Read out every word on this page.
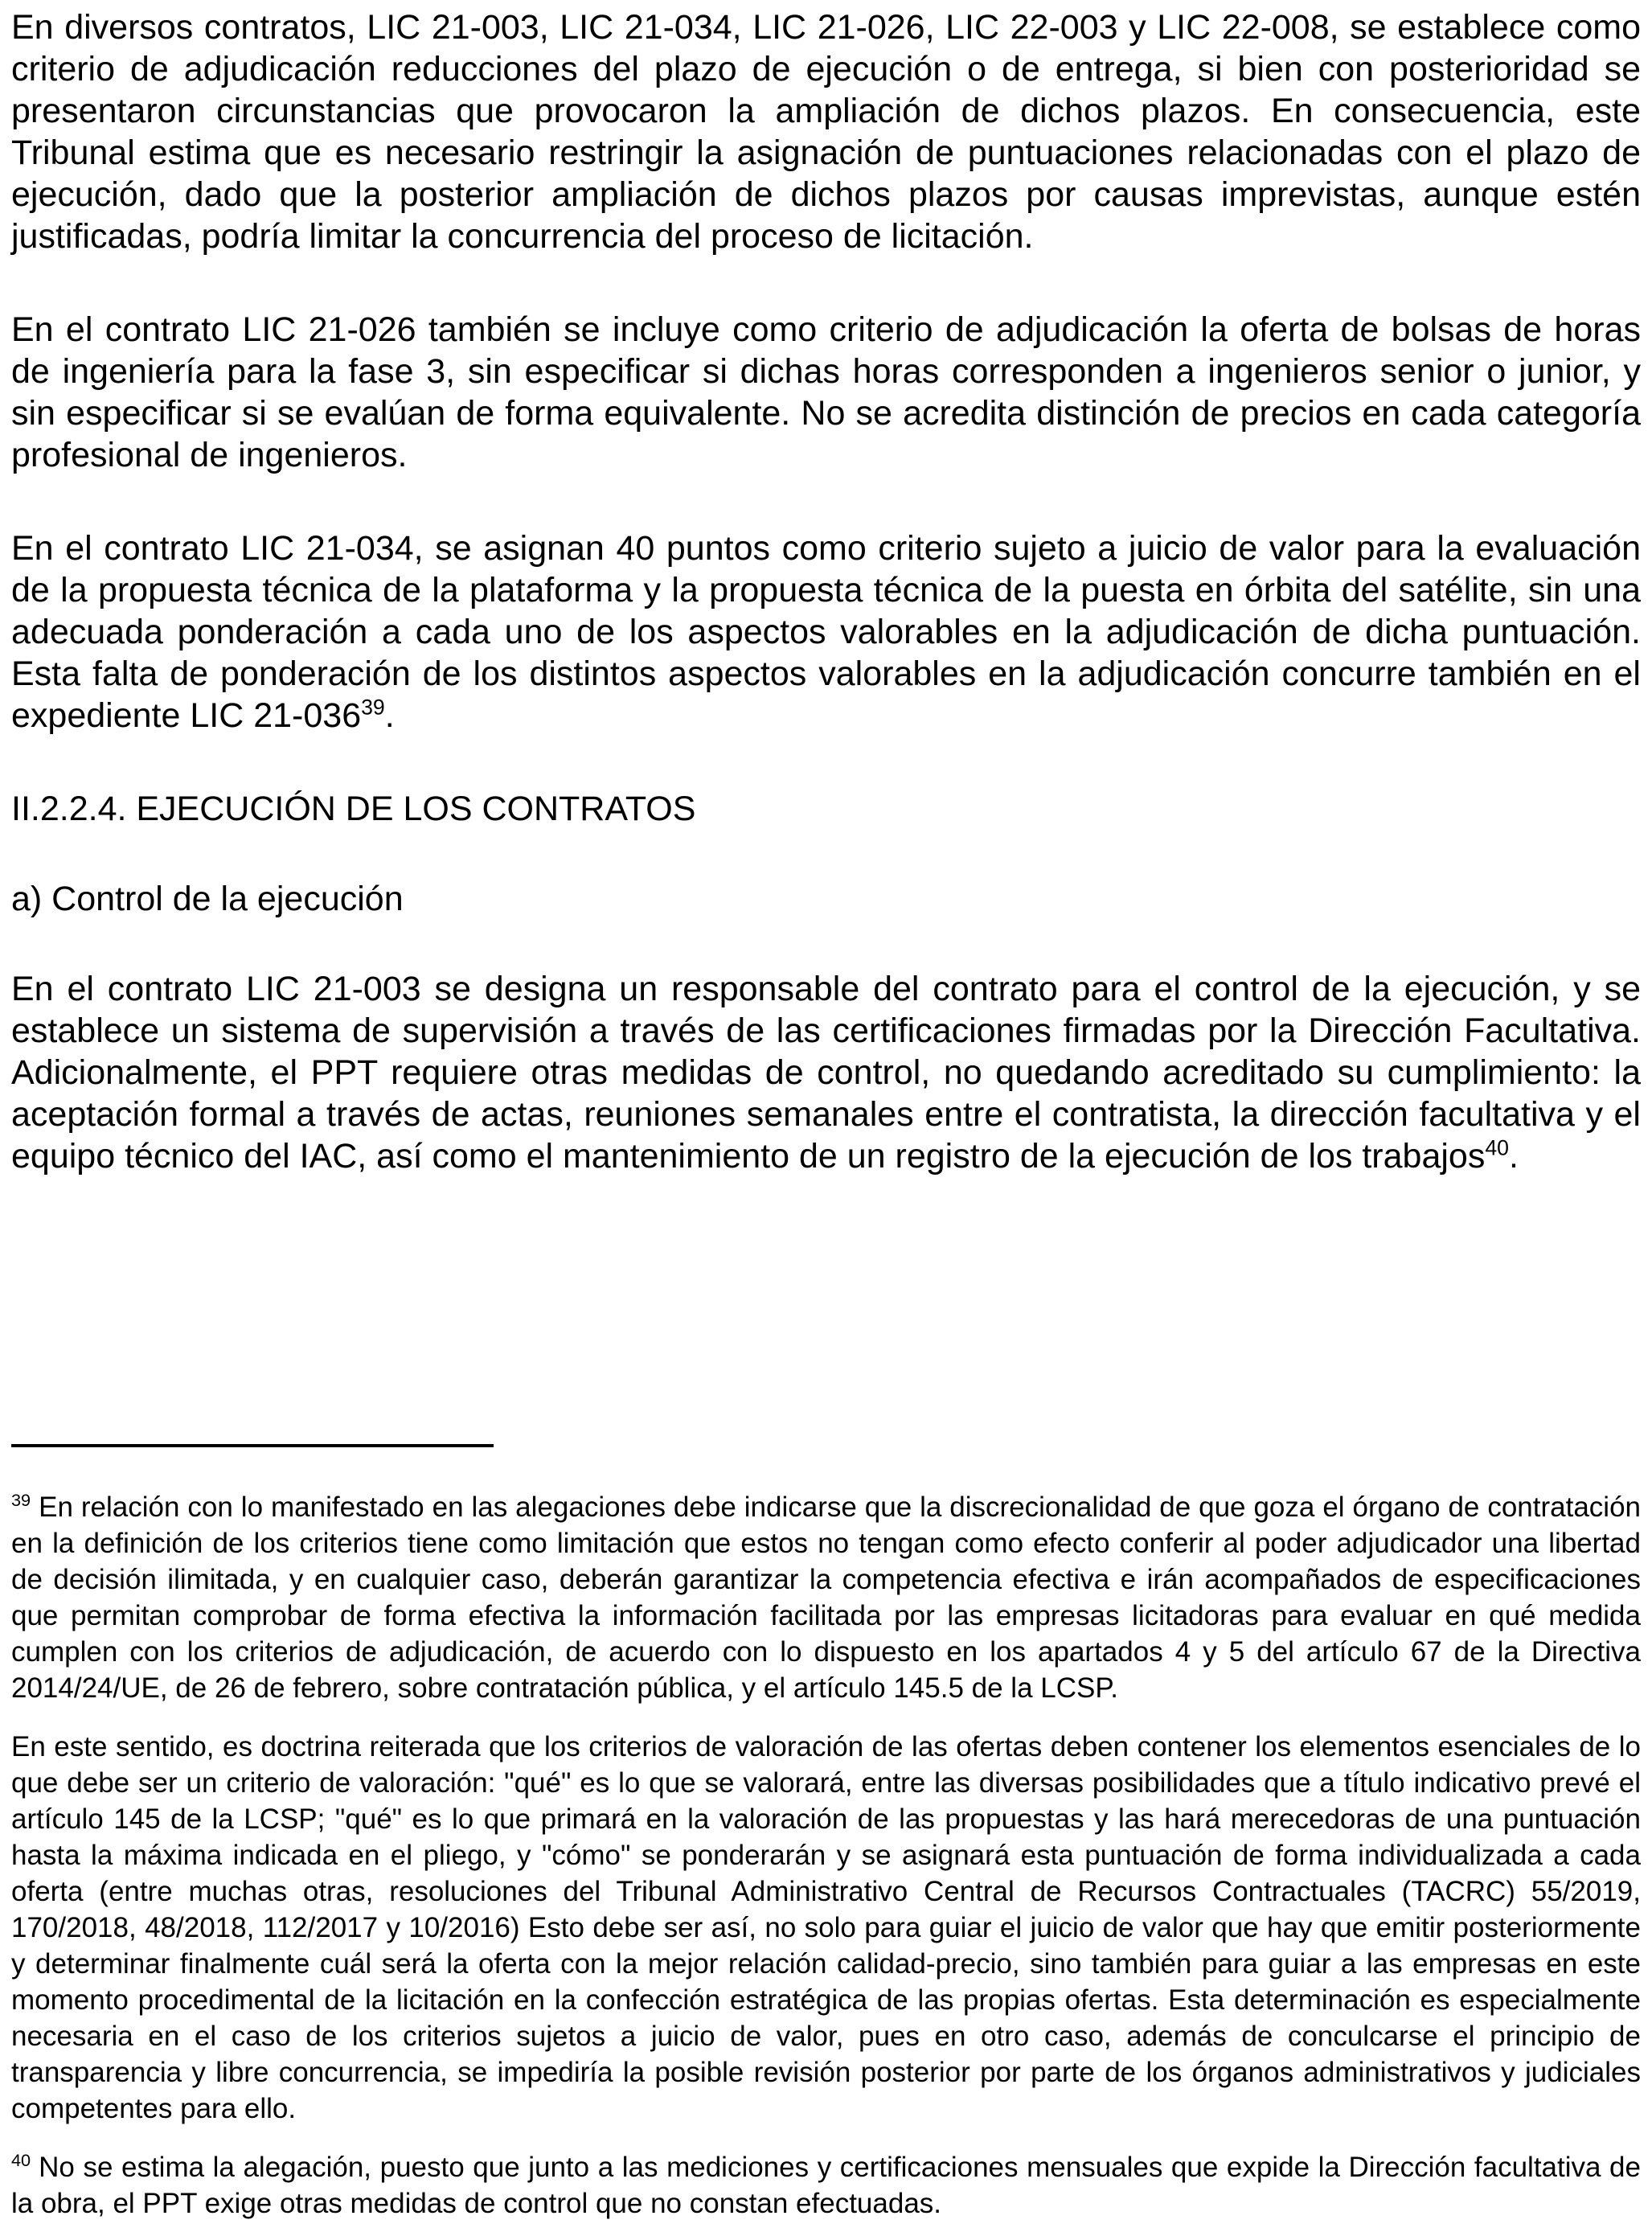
En diversos contratos, LIC 21-003, LIC 21-034, LIC 21-026, LIC 22-003 y LIC 22-008, se establece como criterio de adjudicación reducciones del plazo de ejecución o de entrega, si bien con posterioridad se presentaron circunstancias que provocaron la ampliación de dichos plazos. En consecuencia, este Tribunal estima que es necesario restringir la asignación de puntuaciones relacionadas con el plazo de ejecución, dado que la posterior ampliación de dichos plazos por causas imprevistas, aunque estén justificadas, podría limitar la concurrencia del proceso de licitación.

En el contrato LIC 21-026 también se incluye como criterio de adjudicación la oferta de bolsas de horas de ingeniería para la fase 3, sin especificar si dichas horas corresponden a ingenieros senior o junior, y sin especificar si se evalúan de forma equivalente. No se acredita distinción de precios en cada categoría profesional de ingenieros.

En el contrato LIC 21-034, se asignan 40 puntos como criterio sujeto a juicio de valor para la evaluación de la propuesta técnica de la plataforma y la propuesta técnica de la puesta en órbita del satélite, sin una adecuada ponderación a cada uno de los aspectos valorables en la adjudicación de dicha puntuación. Esta falta de ponderación de los distintos aspectos valorables en la adjudicación concurre también en el expediente LIC 21-036$^{39}$.

II.2.2.4. EJECUCIÓN DE LOS CONTRATOS
a) Control de la ejecución

En el contrato LIC 21-003 se designa un responsable del contrato para el control de la ejecución, y se establece un sistema de supervisión a través de las certificaciones firmadas por la Dirección Facultativa. Adicionalmente, el PPT requiere otras medidas de control, no quedando acreditado su cumplimiento: la aceptación formal a través de actas, reuniones semanales entre el contratista, la dirección facultativa y el equipo técnico del IAC, así como el mantenimiento de un registro de la ejecución de los trabajos$^{40}$.

$^{39}$ En relación con lo manifestado en las alegaciones debe indicarse que la discrecionalidad de que goza el órgano de contratación en la definición de los criterios tiene como limitación que estos no tengan como efecto conferir al poder adjudicador una libertad de decisión ilimitada, y en cualquier caso, deberán garantizar la competencia efectiva e irán acompañados de especificaciones que permitan comprobar de forma efectiva la información facilitada por las empresas licitadoras para evaluar en qué medida cumplen con los criterios de adjudicación, de acuerdo con lo dispuesto en los apartados 4 y 5 del artículo 67 de la Directiva 2014/24/UE, de 26 de febrero, sobre contratación pública, y el artículo 145.5 de la LCSP.

En este sentido, es doctrina reiterada que los criterios de valoración de las ofertas deben contener los elementos esenciales de lo que debe ser un criterio de valoración: "qué" es lo que se valorará, entre las diversas posibilidades que a título indicativo prevé el artículo 145 de la LCSP; "qué" es lo que primará en la valoración de las propuestas y las hará merecedoras de una puntuación hasta la máxima indicada en el pliego, y "cómo" se ponderarán y se asignará esta puntuación de forma individualizada a cada oferta (entre muchas otras, resoluciones del Tribunal Administrativo Central de Recursos Contractuales (TACRC) 55/2019, 170/2018, 48/2018, 112/2017 y 10/2016) Esto debe ser así, no solo para guiar el juicio de valor que hay que emitir posteriormente y determinar finalmente cuál será la oferta con la mejor relación calidad-precio, sino también para guiar a las empresas en este momento procedimental de la licitación en la confección estratégica de las propias ofertas. Esta determinación es especialmente necesaria en el caso de los criterios sujetos a juicio de valor, pues en otro caso, además de conculcarse el principio de transparencia y libre concurrencia, se impediría la posible revisión posterior por parte de los órganos administrativos y judiciales competentes para ello.

$^{40}$ No se estima la alegación, puesto que junto a las mediciones y certificaciones mensuales que expide la Dirección facultativa de la obra, el PPT exige otras medidas de control que no constan efectuadas.
